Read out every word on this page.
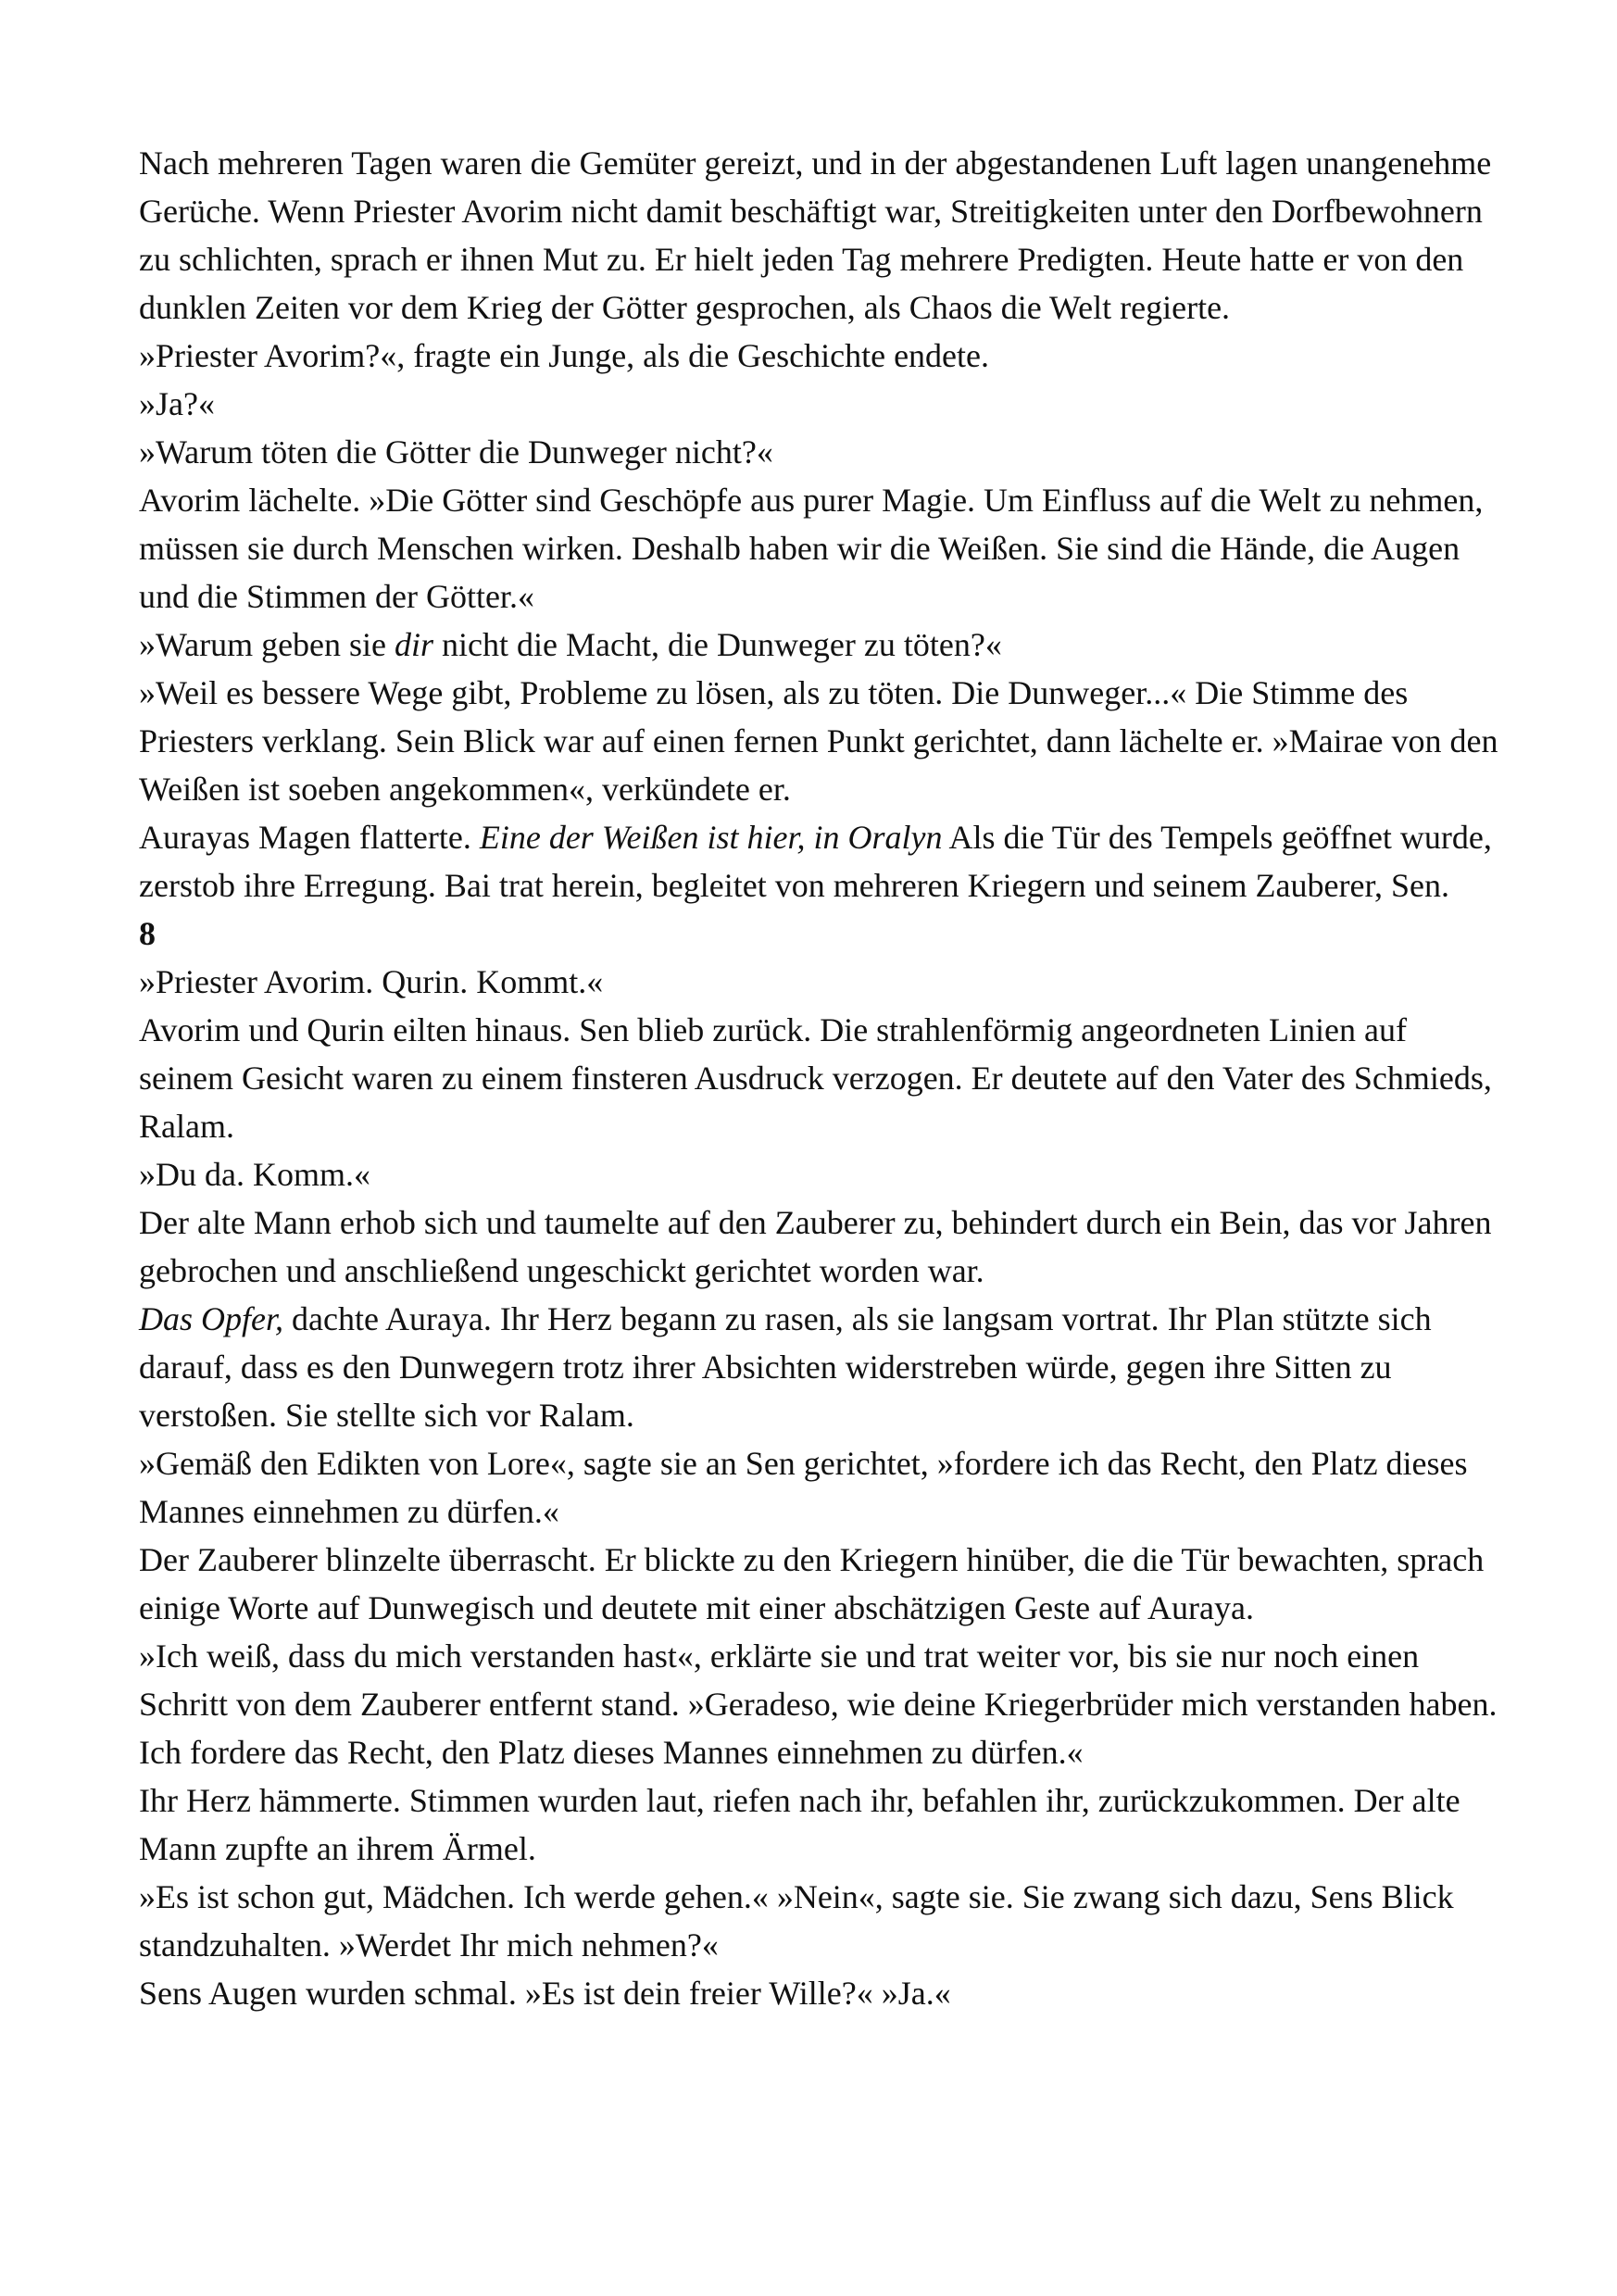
Nach mehreren Tagen waren die Gemüter gereizt, und in der abgestandenen Luft lagen unangenehme Gerüche. Wenn Priester Avorim nicht damit beschäftigt war, Streitigkeiten unter den Dorfbewohnern zu schlichten, sprach er ihnen Mut zu. Er hielt jeden Tag mehrere Predigten. Heute hatte er von den dunklen Zeiten vor dem Krieg der Götter gesprochen, als Chaos die Welt regierte.

»Priester Avorim?«, fragte ein Junge, als die Geschichte endete.

»Ja?«

»Warum töten die Götter die Dunweger nicht?«

Avorim lächelte. »Die Götter sind Geschöpfe aus purer Magie. Um Einfluss auf die Welt zu nehmen, müssen sie durch Menschen wirken. Deshalb haben wir die Weißen. Sie sind die Hände, die Augen und die Stimmen der Götter.«

»Warum geben sie dir nicht die Macht, die Dunweger zu töten?«

»Weil es bessere Wege gibt, Probleme zu lösen, als zu töten. Die Dunweger...« Die Stimme des Priesters verklang. Sein Blick war auf einen fernen Punkt gerichtet, dann lächelte er. »Mairae von den Weißen ist soeben angekommen«, verkündete er.

Aurayas Magen flatterte. Eine der Weißen ist hier, in Oralyn Als die Tür des Tempels geöffnet wurde, zerstob ihre Erregung. Bai trat herein, begleitet von mehreren Kriegern und seinem Zauberer, Sen.

8

»Priester Avorim. Qurin. Kommt.«

Avorim und Qurin eilten hinaus. Sen blieb zurück. Die strahlenförmig angeordneten Linien auf seinem Gesicht waren zu einem finsteren Ausdruck verzogen. Er deutete auf den Vater des Schmieds, Ralam.

»Du da. Komm.«

Der alte Mann erhob sich und taumelte auf den Zauberer zu, behindert durch ein Bein, das vor Jahren gebrochen und anschließend ungeschickt gerichtet worden war.

Das Opfer, dachte Auraya. Ihr Herz begann zu rasen, als sie langsam vortrat. Ihr Plan stützte sich darauf, dass es den Dunwegern trotz ihrer Absichten widerstreben würde, gegen ihre Sitten zu verstoßen. Sie stellte sich vor Ralam.

»Gemäß den Edikten von Lore«, sagte sie an Sen gerichtet, »fordere ich das Recht, den Platz dieses Mannes einnehmen zu dürfen.«

Der Zauberer blinzelte überrascht. Er blickte zu den Kriegern hinüber, die die Tür bewachten, sprach einige Worte auf Dunwegisch und deutete mit einer abschätzigen Geste auf Auraya.

»Ich weiß, dass du mich verstanden hast«, erklärte sie und trat weiter vor, bis sie nur noch einen Schritt von dem Zauberer entfernt stand. »Geradeso, wie deine Kriegerbrüder mich verstanden haben. Ich fordere das Recht, den Platz dieses Mannes einnehmen zu dürfen.«

Ihr Herz hämmerte. Stimmen wurden laut, riefen nach ihr, befahlen ihr, zurückzukommen. Der alte Mann zupfte an ihrem Ärmel.

»Es ist schon gut, Mädchen. Ich werde gehen.« »Nein«, sagte sie. Sie zwang sich dazu, Sens Blick standzuhalten. »Werdet Ihr mich nehmen?«

Sens Augen wurden schmal. »Es ist dein freier Wille?« »Ja.«
